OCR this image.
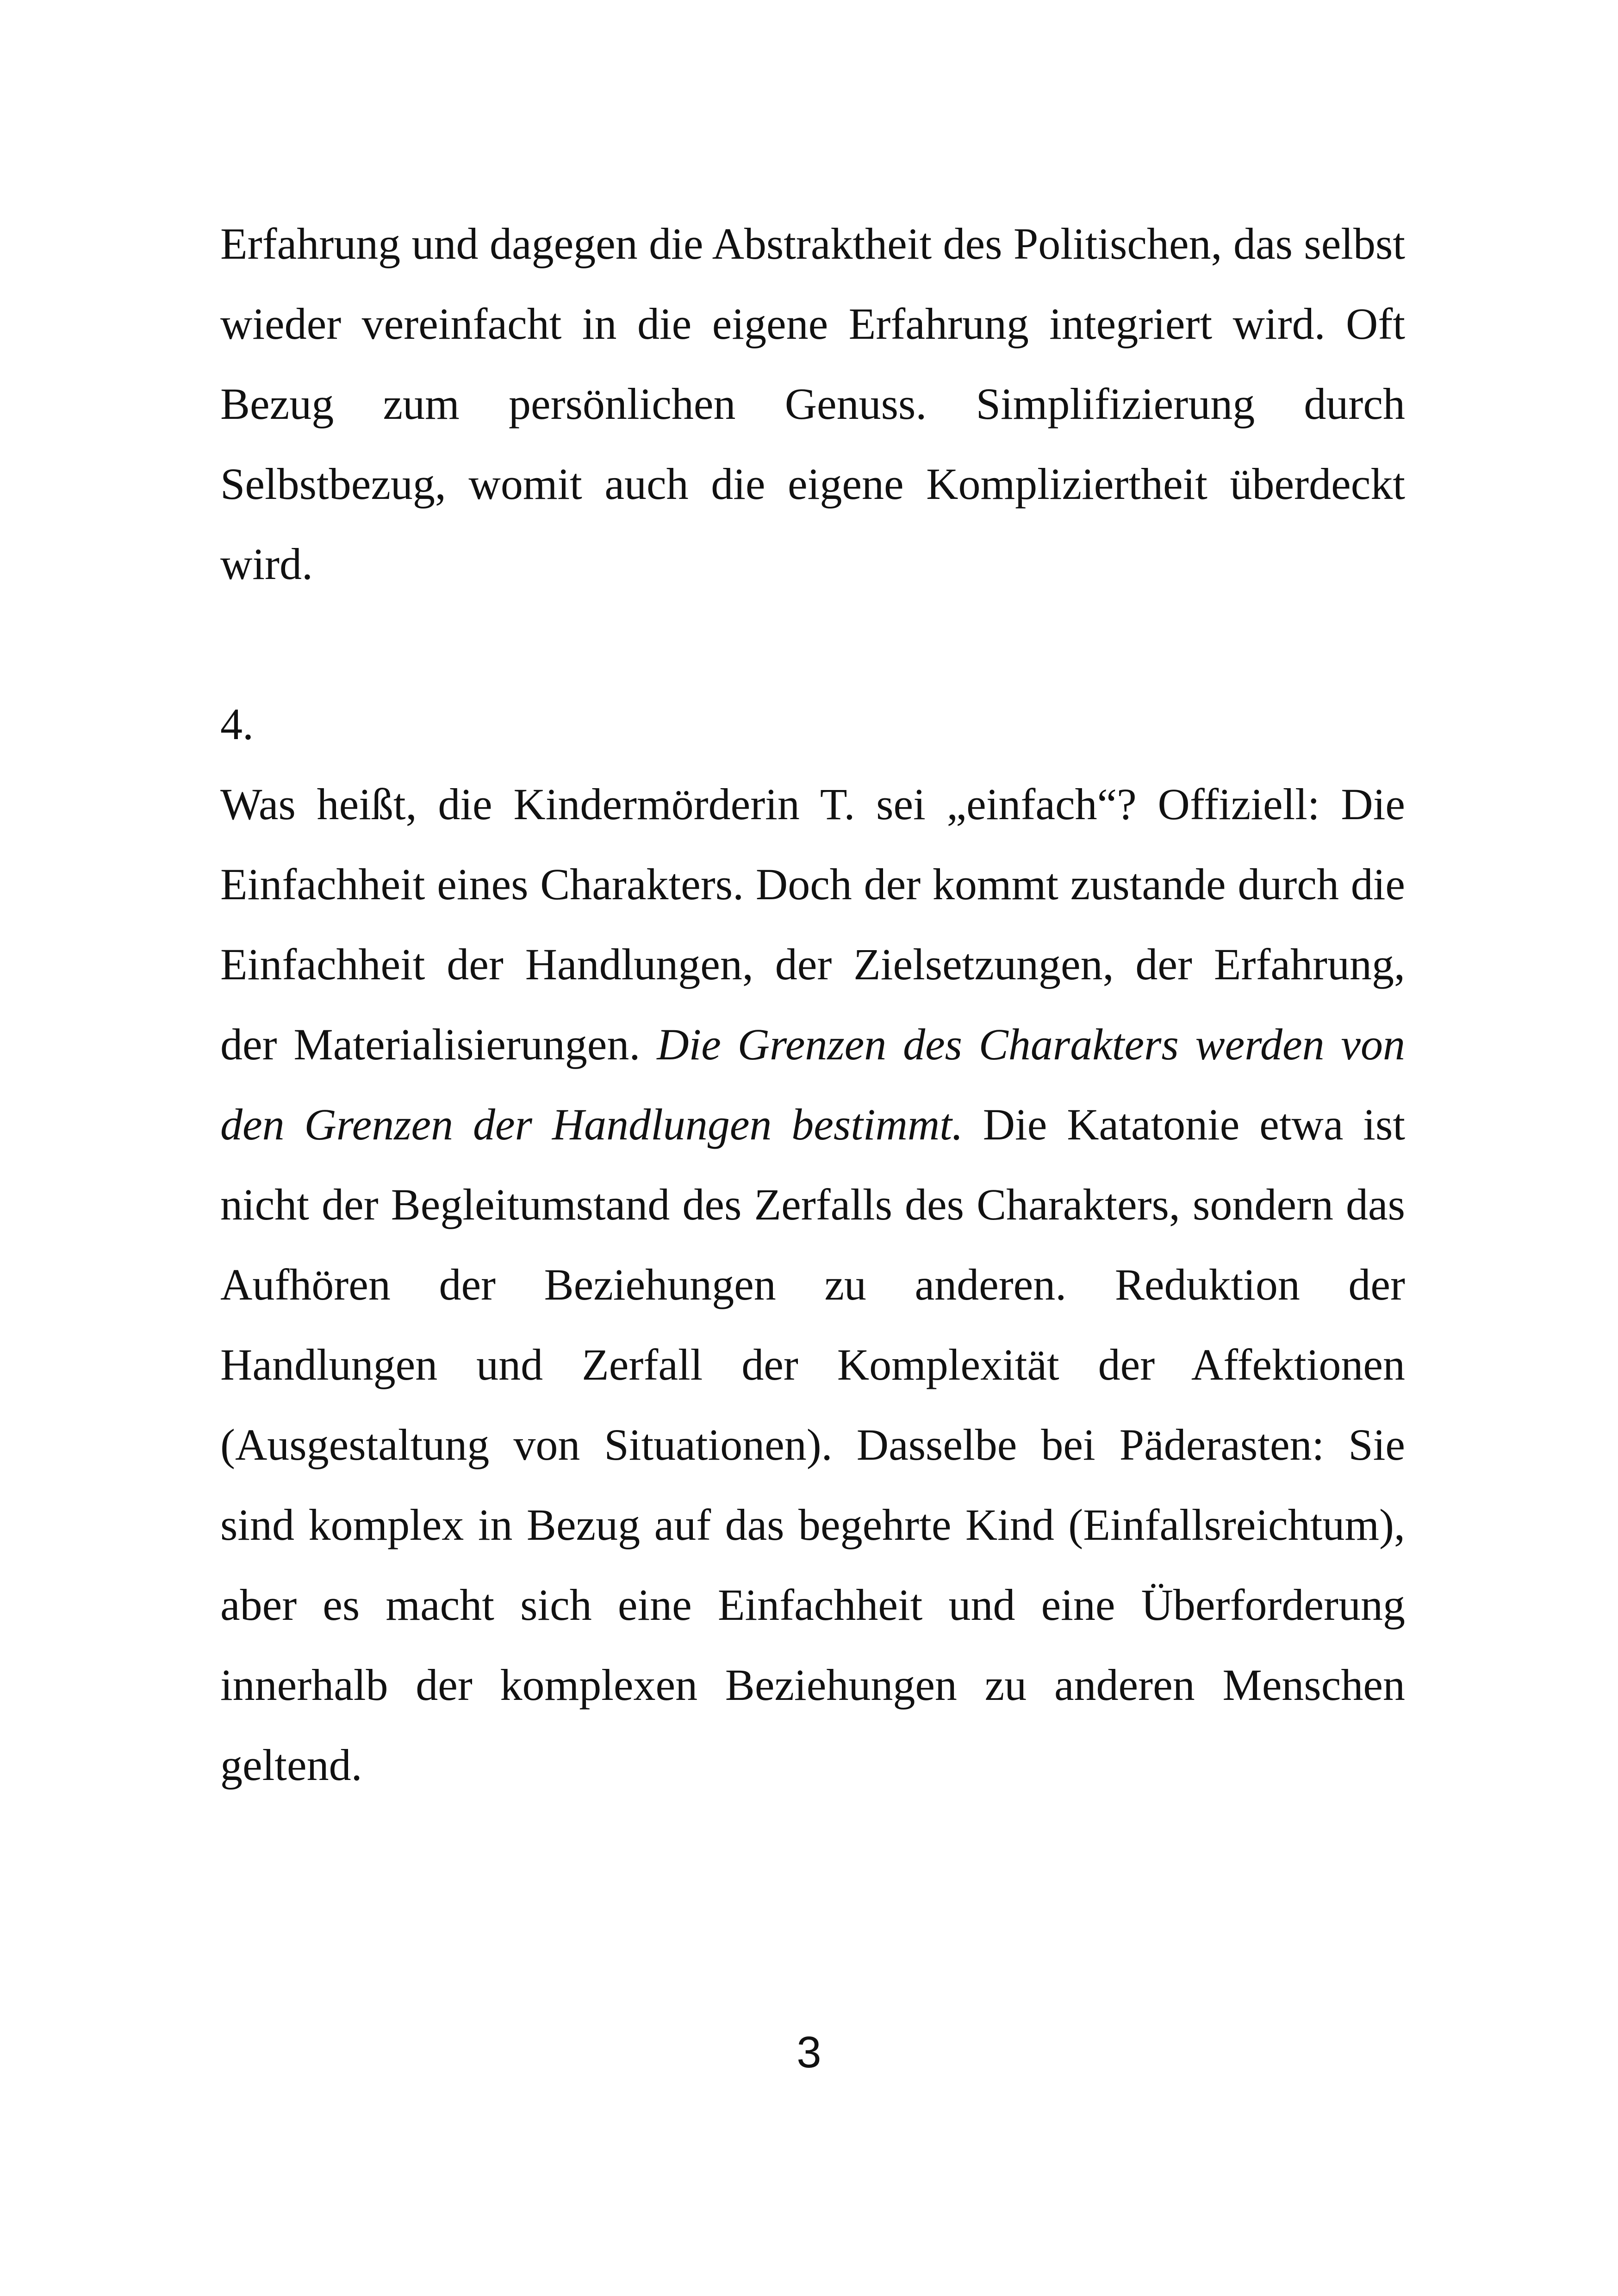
Erfahrung und dagegen die Abstraktheit des Politischen, das selbst wieder vereinfacht in die eigene Erfahrung integriert wird. Oft Bezug zum persönlichen Genuss. Simplifizierung durch Selbstbezug, womit auch die eigene Kompliziertheit überdeckt wird.

4.

Was heißt, die Kindermörderin T. sei „einfach“? Offiziell: Die Einfachheit eines Charakters. Doch der kommt zustande durch die Einfachheit der Handlungen, der Zielsetzungen, der Erfahrung, der Materialisierungen. Die Grenzen des Charakters werden von den Grenzen der Handlungen bestimmt. Die Katatonie etwa ist nicht der Begleitumstand des Zerfalls des Charakters, sondern das Aufhören der Beziehungen zu anderen. Reduktion der Handlungen und Zerfall der Komplexität der Affektionen (Ausgestaltung von Situationen). Dasselbe bei Päderasten: Sie sind komplex in Bezug auf das begehrte Kind (Einfallsreichtum), aber es macht sich eine Einfachheit und eine Überforderung innerhalb der komplexen Beziehungen zu anderen Menschen geltend.

3
